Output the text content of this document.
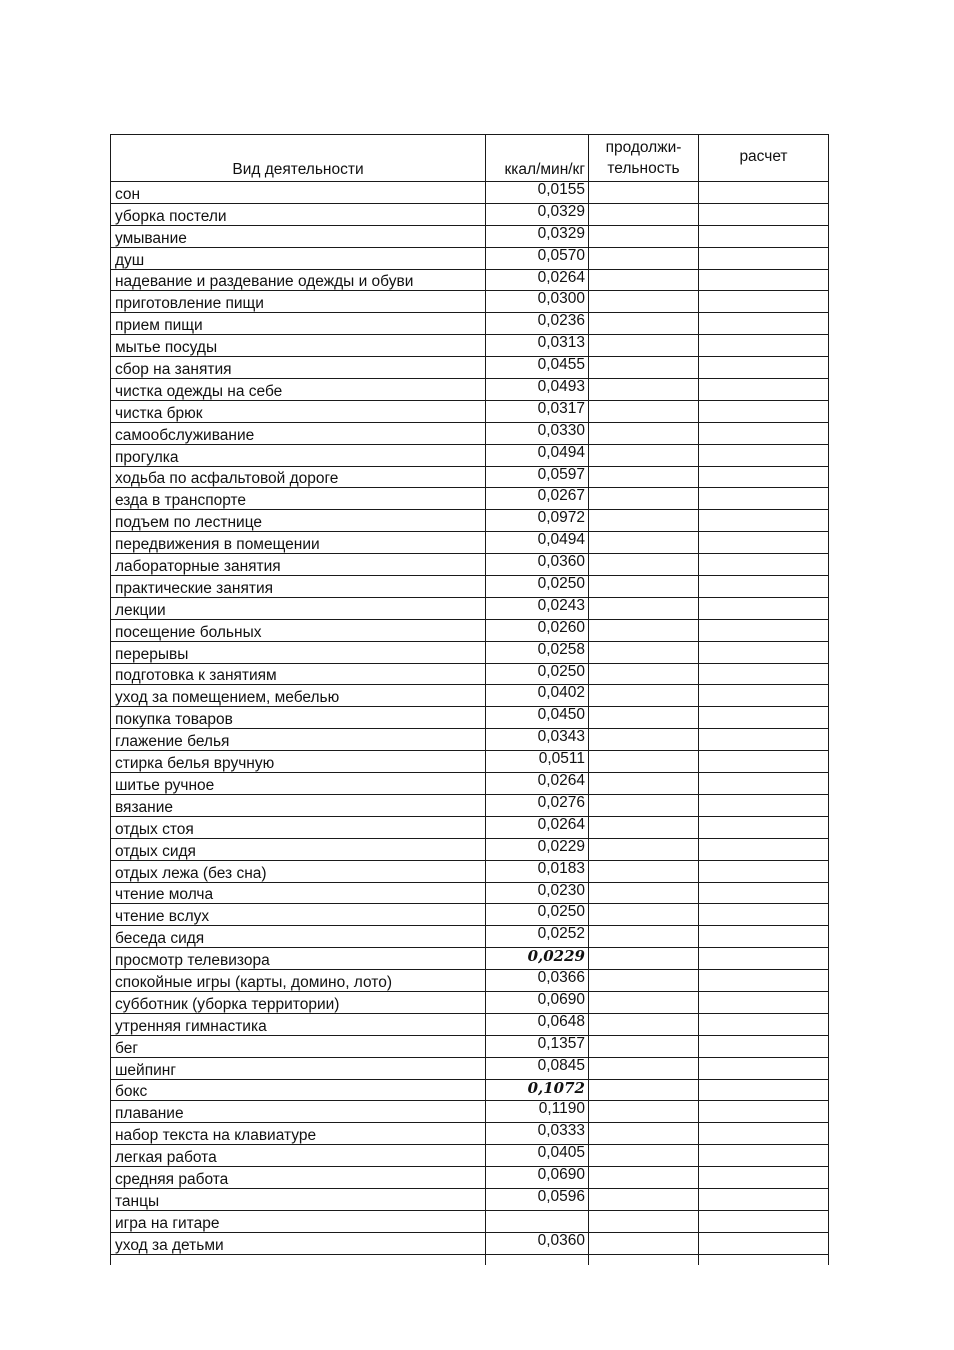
Вид деятельности	ккал/мин/кг	продолжи-
тельность	расчет
сон	0,0155		
уборка постели	0,0329		
умывание	0,0329		
душ	0,0570		
надевание и раздевание одежды и обуви	0,0264		
приготовление пищи	0,0300		
прием пищи	0,0236		
мытье посуды	0,0313		
сбор на занятия	0,0455		
чистка одежды на себе	0,0493		
чистка брюк	0,0317		
самообслуживание	0,0330		
прогулка	0,0494		
ходьба по асфальтовой дороге	0,0597		
езда в транспорте	0,0267		
подъем по лестнице	0,0972		
передвижения в помещении	0,0494		
лабораторные занятия	0,0360		
практические занятия	0,0250		
лекции	0,0243		
посещение больных	0,0260		
перерывы	0,0258		
подготовка к занятиям	0,0250		
уход за помещением, мебелью	0,0402		
покупка товаров	0,0450		
глажение белья	0,0343		
стирка белья вручную	0,0511		
шитье ручное	0,0264		
вязание	0,0276		
отдых стоя	0,0264		
отдых сидя	0,0229		
отдых лежа (без сна)	0,0183		
чтение молча	0,0230		
чтение вслух	0,0250		
беседа сидя	0,0252		
просмотр телевизора	0,0229		
спокойные игры (карты, домино, лото)	0,0366		
субботник (уборка территории)	0,0690		
утренняя гимнастика	0,0648		
бег	0,1357		
шейпинг	0,0845		
бокс	0,1072		
плавание	0,1190		
набор текста на клавиатуре	0,0333		
легкая работа	0,0405		
средняя работа	0,0690		
танцы	0,0596		
игра на гитаре			
уход за детьми	0,0360		
